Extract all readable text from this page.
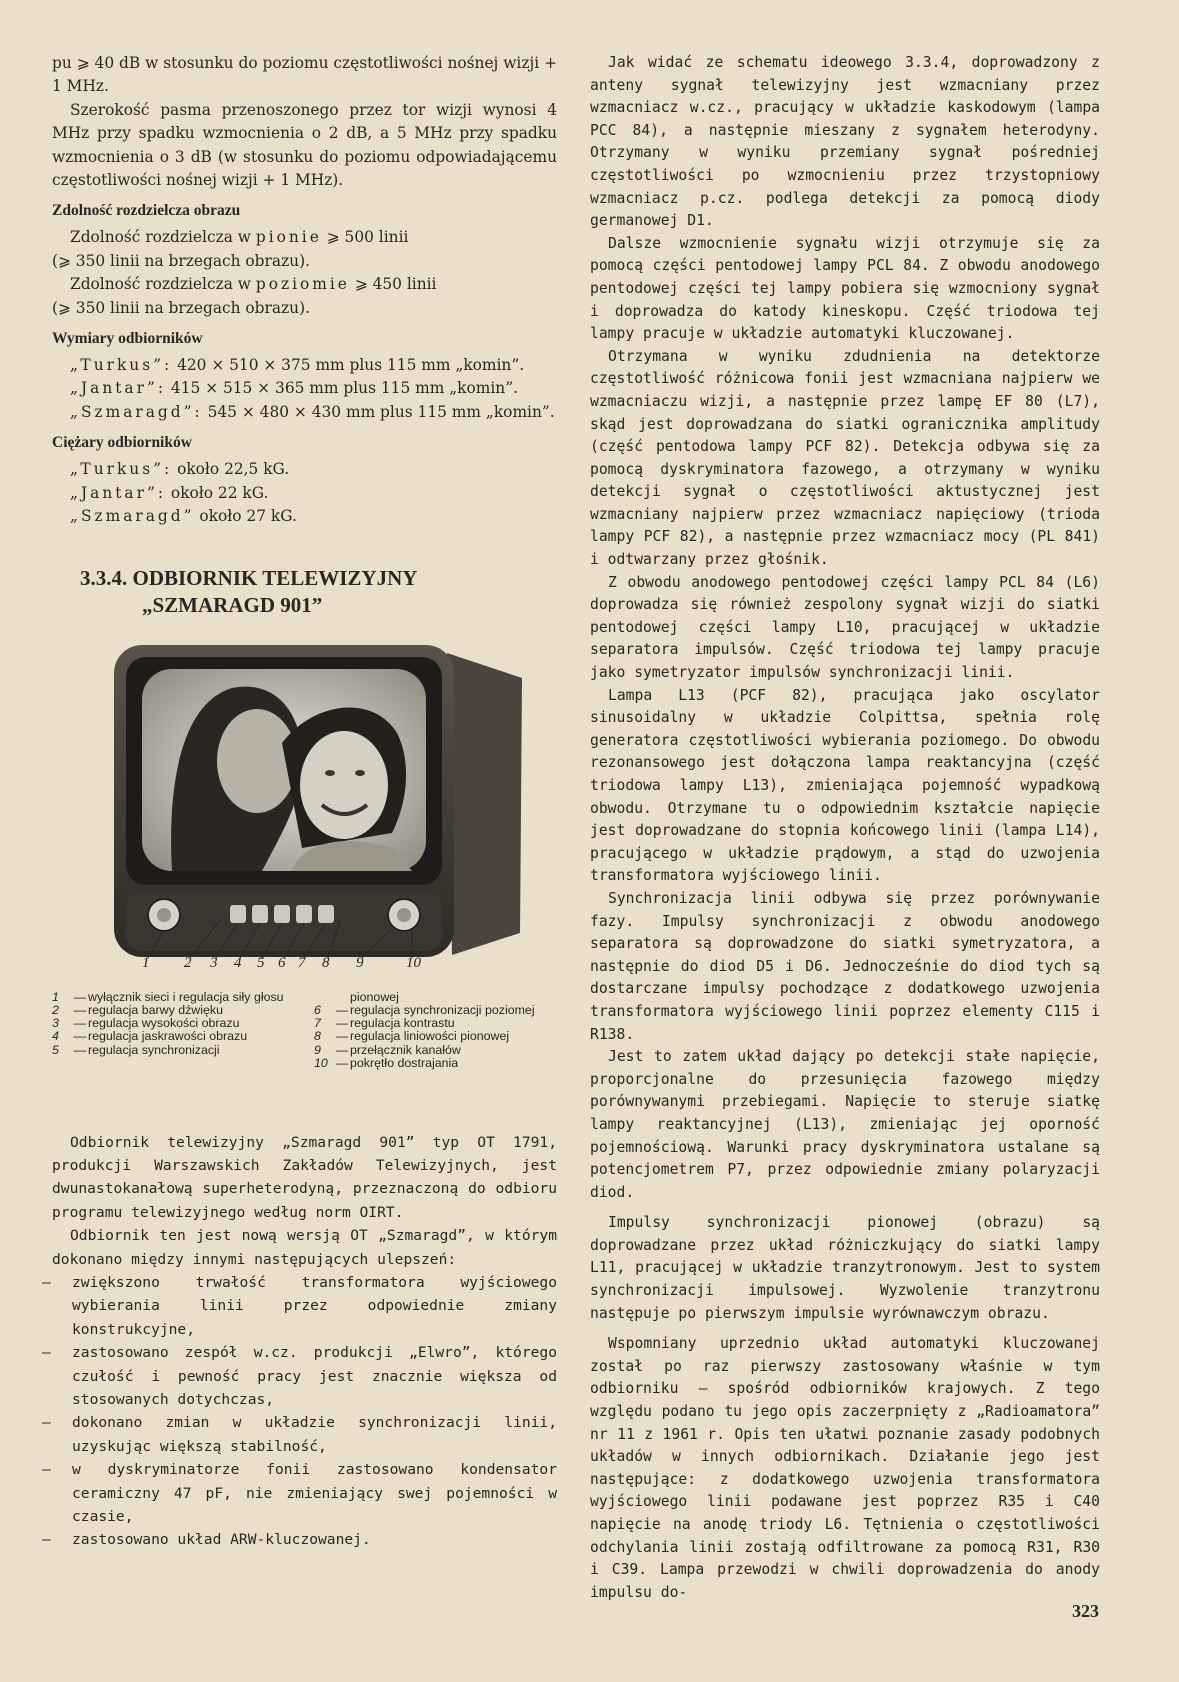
pu ⩾ 40 dB w stosunku do poziomu częstotliwości nośnej wizji + 1 MHz.

Szerokość pasma przenoszonego przez tor wizji wynosi 4 MHz przy spadku wzmocnienia o 2 dB, a 5 MHz przy spadku wzmocnienia o 3 dB (w stosunku do poziomu odpowiadającemu częstotliwości nośnej wizji + 1 MHz).

Zdolność rozdzielcza obrazu

Zdolność rozdzielcza w pionie ⩾ 500 linii

(⩾ 350 linii na brzegach obrazu).

Zdolność rozdzielcza w poziomie ⩾ 450 linii

(⩾ 350 linii na brzegach obrazu).

Wymiary odbiorników

„Turkus”: 420 × 510 × 375 mm plus 115 mm „komin”.

„Jantar”: 415 × 515 × 365 mm plus 115 mm „komin”.

„Szmaragd”: 545 × 480 × 430 mm plus 115 mm „komin”.

Ciężary odbiorników

„Turkus”: około 22,5 kG.

„Jantar”: około 22 kG.

„Szmaragd” około 27 kG.

3.3.4. ODBIORNIK TELEWIZYJNY
„SZMARAGD 901”
1 2 3 4 5 6 7 8 9	10
1	— wyłącznik sieci i regulacja siły głosu
2	— regulacja barwy dźwięku
3	— regulacja wysokości obrazu
4	— regulacja jaskrawości obrazu
5	— regulacja synchronizacji
pionowej
6	— regulacja synchronizacji poziomej
7	— regulacja kontrastu
8	— regulacja liniowości pionowej
9	— przełącznik kanałów
10 — pokrętło dostrajania

Odbiornik telewizyjny „Szmaragd 901” typ OT 1791, produkcji Warszawskich Zakładów Telewizyjnych, jest dwunastokanałową superheterodyną, przeznaczoną do odbioru programu telewizyjnego według norm OIRT.

Odbiornik ten jest nową wersją OT „Szmaragd”, w którym dokonano między innymi następujących ulepszeń:

— zwiększono trwałość transformatora wyjściowego wybierania linii przez odpowiednie zmiany konstrukcyjne,
— zastosowano zespół w.cz. produkcji „Elwro”, którego czułość i pewność pracy jest znacznie większa od stosowanych dotychczas,
— dokonano zmian w układzie synchronizacji linii, uzyskując większą stabilność,
— w dyskryminatorze fonii zastosowano kondensator ceramiczny 47 pF, nie zmieniający swej pojemności w czasie,
— zastosowano układ ARW-kluczowanej.

Jak widać ze schematu ideowego 3.3.4, doprowadzony z anteny sygnał telewizyjny jest wzmacniany przez wzmacniacz w.cz., pracujący w układzie kaskodowym (lampa PCC 84), a następnie mieszany z sygnałem heterodyny. Otrzymany w wyniku przemiany sygnał pośredniej częstotliwości po wzmocnieniu przez trzystopniowy wzmacniacz p.cz. podlega detekcji za pomocą diody germanowej D1.

Dalsze wzmocnienie sygnału wizji otrzymuje się za pomocą części pentodowej lampy PCL 84. Z obwodu anodowego pentodowej części tej lampy pobiera się wzmocniony sygnał i doprowadza do katody kineskopu. Część triodowa tej lampy pracuje w układzie automatyki kluczowanej.

Otrzymana w wyniku zdudnienia na detektorze częstotliwość różnicowa fonii jest wzmacniana najpierw we wzmacniaczu wizji, a następnie przez lampę EF 80 (L7), skąd jest doprowadzana do siatki ogranicznika amplitudy (część pentodowa lampy PCF 82). Detekcja odbywa się za pomocą dyskryminatora fazowego, a otrzymany w wyniku detekcji sygnał o częstotliwości aktustycznej jest wzmacniany najpierw przez wzmacniacz napięciowy (trioda lampy PCF 82), a następnie przez wzmacniacz mocy (PL 841) i odtwarzany przez głośnik.

Z obwodu anodowego pentodowej części lampy PCL 84 (L6) doprowadza się również zespolony sygnał wizji do siatki pentodowej części lampy L10, pracującej w układzie separatora impulsów. Część triodowa tej lampy pracuje jako symetryzator impulsów synchronizacji linii.

Lampa L13 (PCF 82), pracująca jako oscylator sinusoidalny w układzie Colpittsa, spełnia rolę generatora częstotliwości wybierania poziomego. Do obwodu rezonansowego jest dołączona lampa reaktancyjna (część triodowa lampy L13), zmieniająca pojemność wypadkową obwodu. Otrzymane tu o odpowiednim kształcie napięcie jest doprowadzane do stopnia końcowego linii (lampa L14), pracującego w układzie prądowym, a stąd do uzwojenia transformatora wyjściowego linii.

Synchronizacja linii odbywa się przez porównywanie fazy. Impulsy synchronizacji z obwodu anodowego separatora są doprowadzone do siatki symetryzatora, a następnie do diod D5 i D6. Jednocześnie do diod tych są dostarczane impulsy pochodzące z dodatkowego uzwojenia transformatora wyjściowego linii poprzez elementy C115 i R138.

Jest to zatem układ dający po detekcji stałe napięcie, proporcjonalne do przesunięcia fazowego między porównywanymi przebiegami. Napięcie to steruje siatkę lampy reaktancyjnej (L13), zmieniając jej oporność pojemnościową. Warunki pracy dyskryminatora ustalane są potencjometrem P7, przez odpowiednie zmiany polaryzacji diod.

Impulsy synchronizacji pionowej (obrazu) są doprowadzane przez układ różniczkujący do siatki lampy L11, pracującej w układzie tranzytronowym. Jest to system synchronizacji impulsowej. Wyzwolenie tranzytronu następuje po pierwszym impulsie wyrównawczym obrazu.

Wspomniany uprzednio układ automatyki kluczowanej został po raz pierwszy zastosowany właśnie w tym odbiorniku — spośród odbiorników krajowych. Z tego względu podano tu jego opis zaczerpnięty z „Radioamatora” nr 11 z 1961 r. Opis ten ułatwi poznanie zasady podobnych układów w innych odbiornikach. Działanie jego jest następujące: z dodatkowego uzwojenia transformatora wyjściowego linii podawane jest poprzez R35 i C40 napięcie na anodę triody L6. Tętnienia o częstotliwości odchylania linii zostają odfiltrowane za pomocą R31, R30 i C39. Lampa przewodzi w chwili doprowadzenia do anody impulsu do-

323
